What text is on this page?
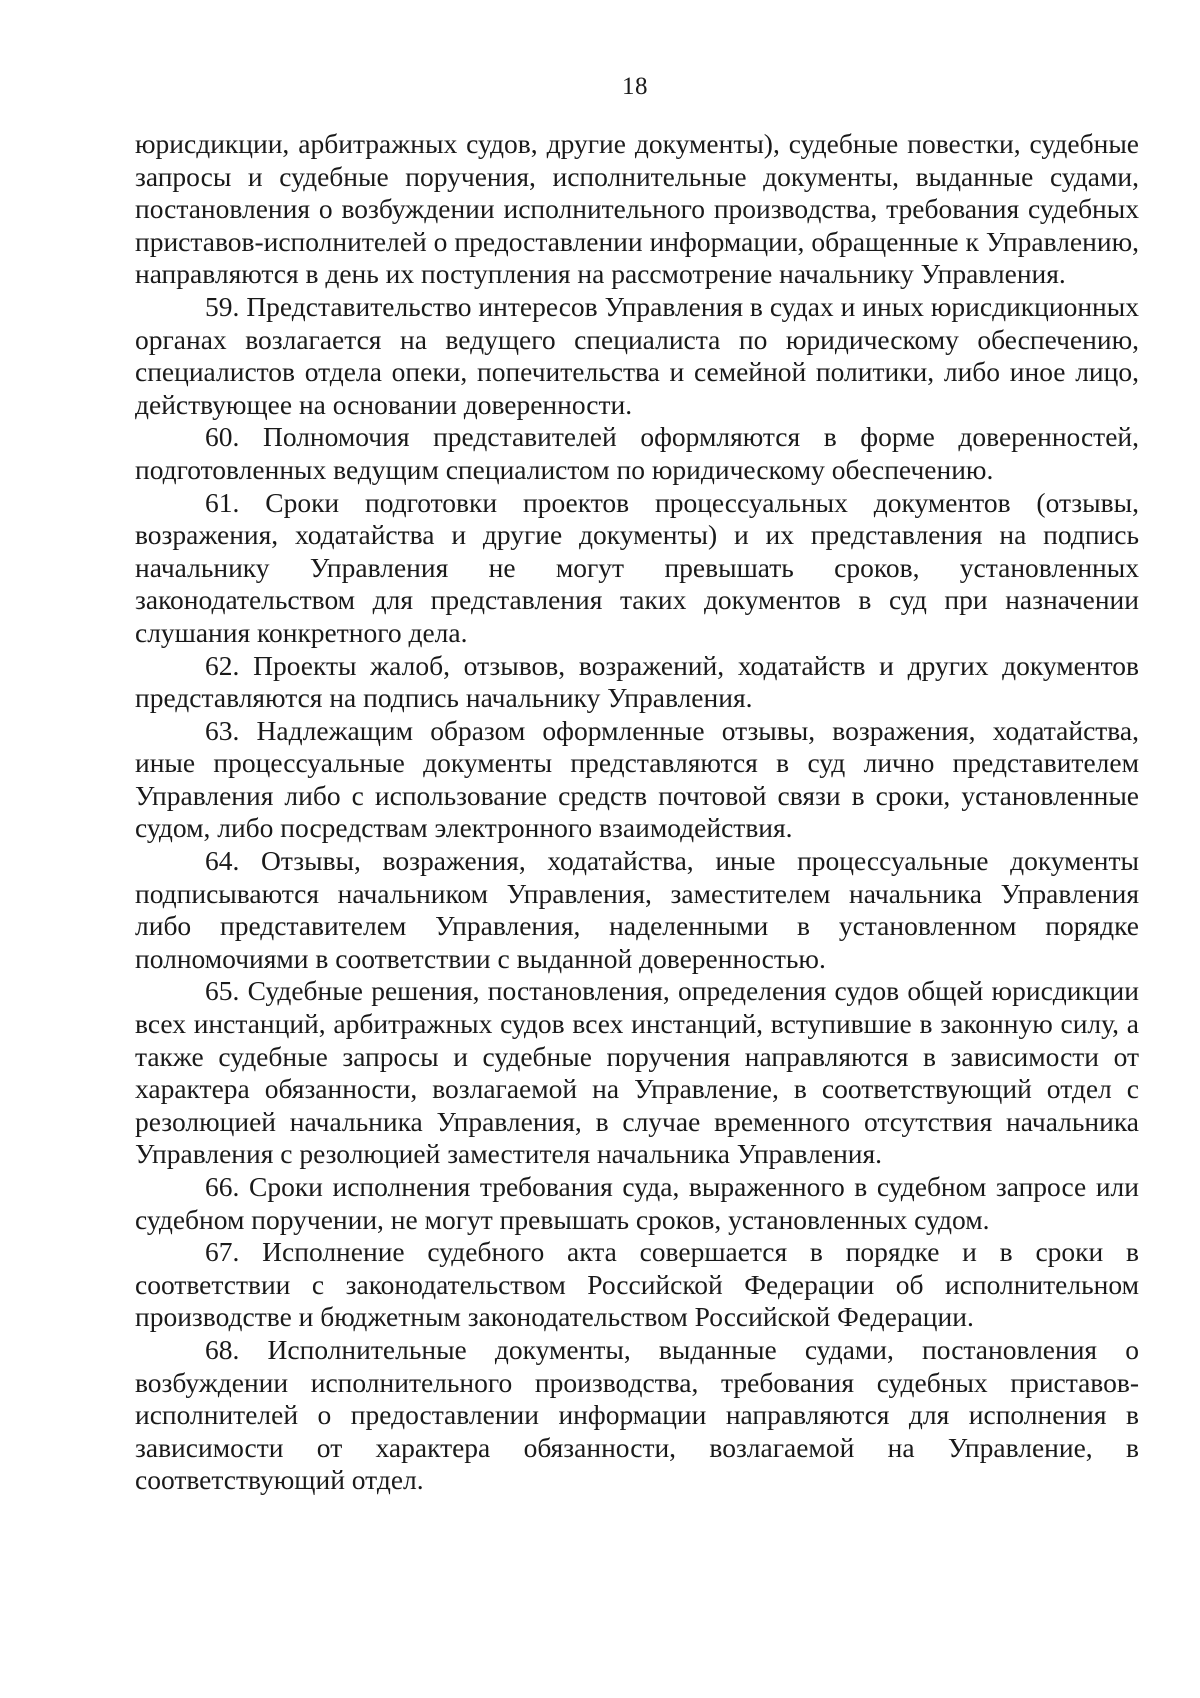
18

юрисдикции, арбитражных судов, другие документы), судебные повестки, судебные запросы и судебные поручения, исполнительные документы, выданные судами, постановления о возбуждении исполнительного производства, требования судебных приставов-исполнителей о предоставлении информации, обращенные к Управлению, направляются в день их поступления на рассмотрение начальнику Управления.

59. Представительство интересов Управления в судах и иных юрисдикционных органах возлагается на ведущего специалиста по юридическому обеспечению, специалистов отдела опеки, попечительства и семейной политики, либо иное лицо, действующее на основании доверенности.

60. Полномочия представителей оформляются в форме доверенностей, подготовленных ведущим специалистом по юридическому обеспечению.

61. Сроки подготовки проектов процессуальных документов (отзывы, возражения, ходатайства и другие документы) и их представления на подпись начальнику Управления не могут превышать сроков, установленных законодательством для представления таких документов в суд при назначении слушания конкретного дела.

62. Проекты жалоб, отзывов, возражений, ходатайств и других документов представляются на подпись начальнику Управления.

63. Надлежащим образом оформленные отзывы, возражения, ходатайства, иные процессуальные документы представляются в суд лично представителем Управления либо с использование средств почтовой связи в сроки, установленные судом, либо посредствам электронного взаимодействия.

64. Отзывы, возражения, ходатайства, иные процессуальные документы подписываются начальником Управления, заместителем начальника Управления либо представителем Управления, наделенными в установленном порядке полномочиями в соответствии с выданной доверенностью.

65. Судебные решения, постановления, определения судов общей юрисдикции всех инстанций, арбитражных судов всех инстанций, вступившие в законную силу, а также судебные запросы и судебные поручения направляются в зависимости от характера обязанности, возлагаемой на Управление, в соответствующий отдел с резолюцией начальника Управления, в случае временного отсутствия начальника Управления с резолюцией заместителя начальника Управления.

66. Сроки исполнения требования суда, выраженного в судебном запросе или судебном поручении, не могут превышать сроков, установленных судом.

67. Исполнение судебного акта совершается в порядке и в сроки в соответствии с законодательством Российской Федерации об исполнительном производстве и бюджетным законодательством Российской Федерации.

68. Исполнительные документы, выданные судами, постановления о возбуждении исполнительного производства, требования судебных приставов-исполнителей о предоставлении информации направляются для исполнения в зависимости от характера обязанности, возлагаемой на Управление, в соответствующий отдел.
